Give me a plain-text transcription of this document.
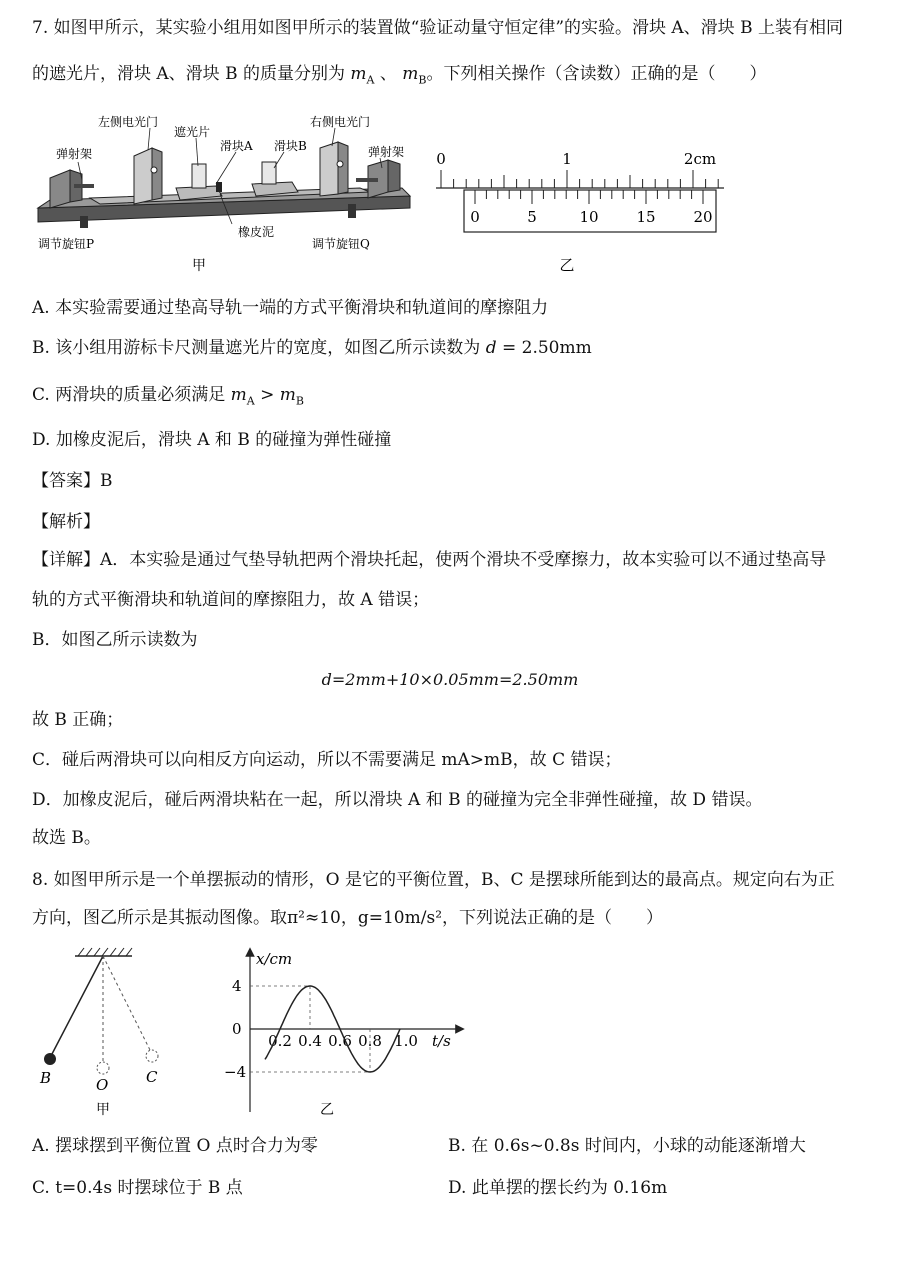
7. 如图甲所示，某实验小组用如图甲所示的装置做“验证动量守恒定律”的实验。滑块 A、滑块 B 上装有相同
的遮光片，滑块 A、滑块 B 的质量分别为 $m_A$ 、 $m_B$。下列相关操作（含读数）正确的是（　　）
左侧电光门
遮光片
滑块A 滑块B
右侧电光门
弹射架	弹射架
调节旋钮P
橡皮泥
调节旋钮Q
甲
0	1	2cm
0	5	10	15	20
乙
A. 本实验需要通过垫高导轨一端的方式平衡滑块和轨道间的摩擦阻力
B. 该小组用游标卡尺测量遮光片的宽度，如图乙所示读数为 d = 2.50mm
C. 两滑块的质量必须满足 $m_A > m_B$
D. 加橡皮泥后，滑块 A 和 B 的碰撞为弹性碰撞
【答案】B
【解析】
【详解】A．本实验是通过气垫导轨把两个滑块托起，使两个滑块不受摩擦力，故本实验可以不通过垫高导
轨的方式平衡滑块和轨道间的摩擦阻力，故 A 错误；
B．如图乙所示读数为
d=2mm+10×0.05mm=2.50mm
故 B 正确；
C．碰后两滑块可以向相反方向运动，所以不需要满足 mA>mB，故 C 错误；
D．加橡皮泥后，碰后两滑块粘在一起，所以滑块 A 和 B 的碰撞为完全非弹性碰撞，故 D 错误。
故选 B。
8. 如图甲所示是一个单摆振动的情形，O 是它的平衡位置，B、C 是摆球所能到达的最高点。规定向右为正
方向，图乙所示是其振动图像。取π²≈10，g=10m/s²，下列说法正确的是（　　）
B	O	C
甲
x/cm
t/s
4
0
−4
0.2 0.4 0.6 0.8 1.0
乙
A. 摆球摆到平衡位置 O 点时合力为零	B. 在 0.6s~0.8s 时间内，小球的动能逐渐增大
C. t=0.4s 时摆球位于 B 点	D. 此单摆的摆长约为 0.16m
